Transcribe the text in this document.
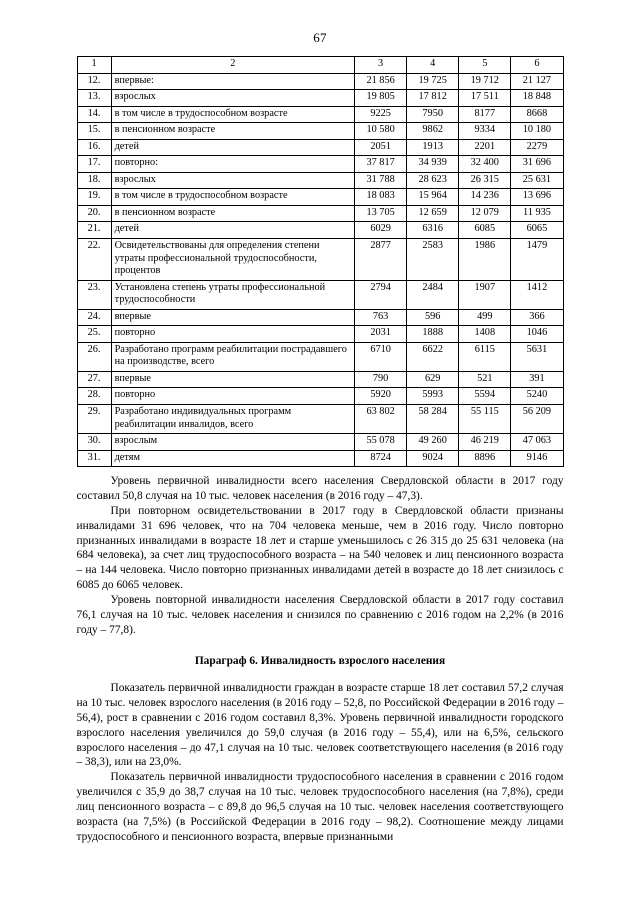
67
1	2	3	4	5	6
12.	впервые:	21 856	19 725	19 712	21 127
13.	взрослых	19 805	17 812	17 511	18 848
14.	в том числе в трудоспособном возрасте	9225	7950	8177	8668
15.	в пенсионном возрасте	10 580	9862	9334	10 180
16.	детей	2051	1913	2201	2279
17.	повторно:	37 817	34 939	32 400	31 696
18.	взрослых	31 788	28 623	26 315	25 631
19.	в том числе в трудоспособном возрасте	18 083	15 964	14 236	13 696
20.	в пенсионном возрасте	13 705	12 659	12 079	11 935
21.	детей	6029	6316	6085	6065
22.	Освидетельствованы для определения степени утраты профессиональной трудоспособности, процентов	2877	2583	1986	1479
23.	Установлена степень утраты профессиональной трудоспособности	2794	2484	1907	1412
24.	впервые	763	596	499	366
25.	повторно	2031	1888	1408	1046
26.	Разработано программ реабилитации пострадавшего на производстве, всего	6710	6622	6115	5631
27.	впервые	790	629	521	391
28.	повторно	5920	5993	5594	5240
29.	Разработано индивидуальных программ реабилитации инвалидов, всего	63 802	58 284	55 115	56 209
30.	взрослым	55 078	49 260	46 219	47 063
31.	детям	8724	9024	8896	9146

Уровень первичной инвалидности всего населения Свердловской области в 2017 году составил 50,8 случая на 10 тыс. человек населения (в 2016 году – 47,3).

При повторном освидетельствовании в 2017 году в Свердловской области признаны инвалидами 31 696 человек, что на 704 человека меньше, чем в 2016 году. Число повторно признанных инвалидами в возрасте 18 лет и старше уменьшилось с 26 315 до 25 631 человека (на 684 человека), за счет лиц трудоспособного возраста – на 540 человек и лиц пенсионного возраста – на 144 человека. Число повторно признанных инвалидами детей в возрасте до 18 лет снизилось с 6085 до 6065 человек.

Уровень повторной инвалидности населения Свердловской области в 2017 году составил 76,1 случая на 10 тыс. человек населения и снизился по сравнению с 2016 годом на 2,2% (в 2016 году – 77,8).

Параграф 6. Инвалидность взрослого населения

Показатель первичной инвалидности граждан в возрасте старше 18 лет составил 57,2 случая на 10 тыс. человек взрослого населения (в 2016 году – 52,8, по Российской Федерации в 2016 году – 56,4), рост в сравнении с 2016 годом составил 8,3%. Уровень первичной инвалидности городского взрослого населения увеличился до 59,0 случая (в 2016 году – 55,4), или на 6,5%, сельского взрослого населения – до 47,1 случая на 10 тыс. человек соответствующего населения (в 2016 году – 38,3), или на 23,0%.

Показатель первичной инвалидности трудоспособного населения в сравнении с 2016 годом увеличился с 35,9 до 38,7 случая на 10 тыс. человек трудоспособного населения (на 7,8%), среди лиц пенсионного возраста – с 89,8 до 96,5 случая на 10 тыс. человек населения соответствующего возраста (на 7,5%) (в Российской Федерации в 2016 году – 98,2). Соотношение между лицами трудоспособного и пенсионного возраста, впервые признанными
